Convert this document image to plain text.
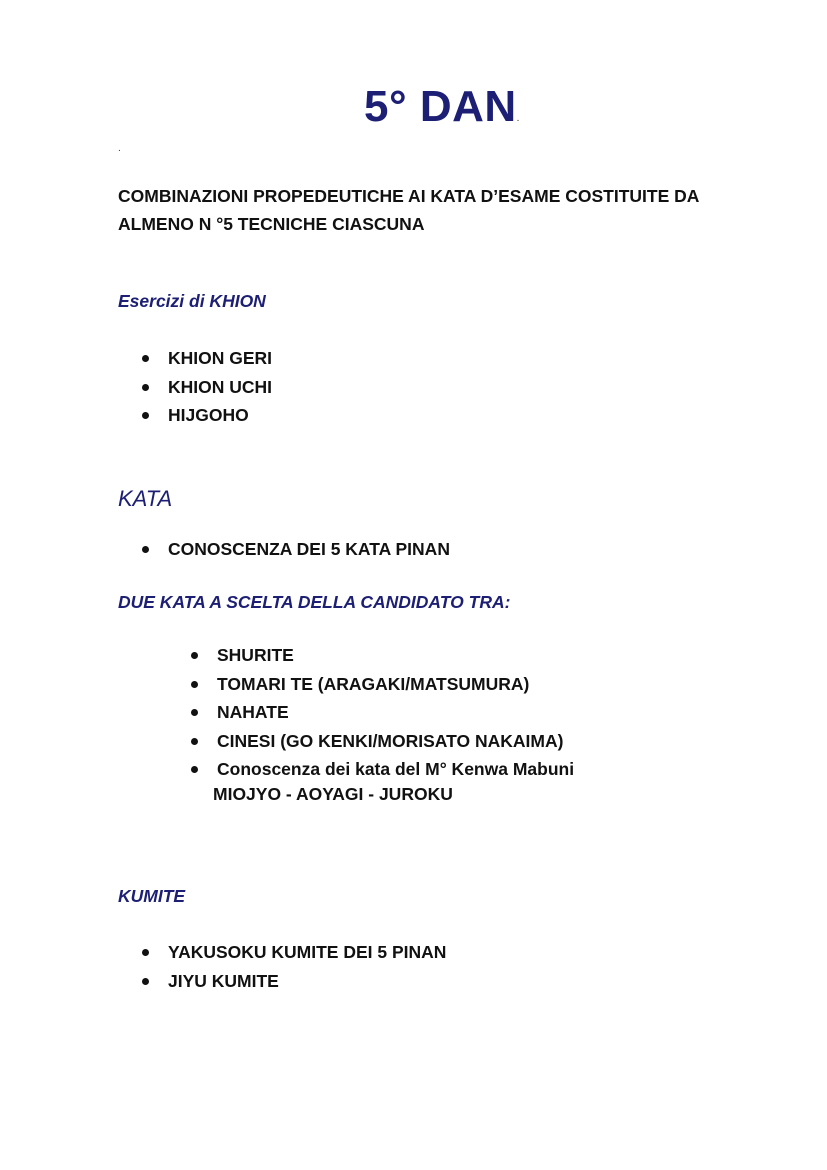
5° DAN.
.
COMBINAZIONI PROPEDEUTICHE AI KATA D’ESAME COSTITUITE DA
ALMENO N °5 TECNICHE CIASCUNA
Esercizi di KHION
KHION GERI
KHION UCHI
HIJGOHO
KATA
CONOSCENZA DEI 5 KATA PINAN
DUE KATA A SCELTA DELLA CANDIDATO TRA:
SHURITE
TOMARI TE (ARAGAKI/MATSUMURA)
NAHATE
CINESI (GO KENKI/MORISATO NAKAIMA)
Conoscenza dei kata del M° Kenwa Mabuni
MIOJYO - AOYAGI - JUROKU
KUMITE
YAKUSOKU KUMITE DEI 5 PINAN
JIYU KUMITE
